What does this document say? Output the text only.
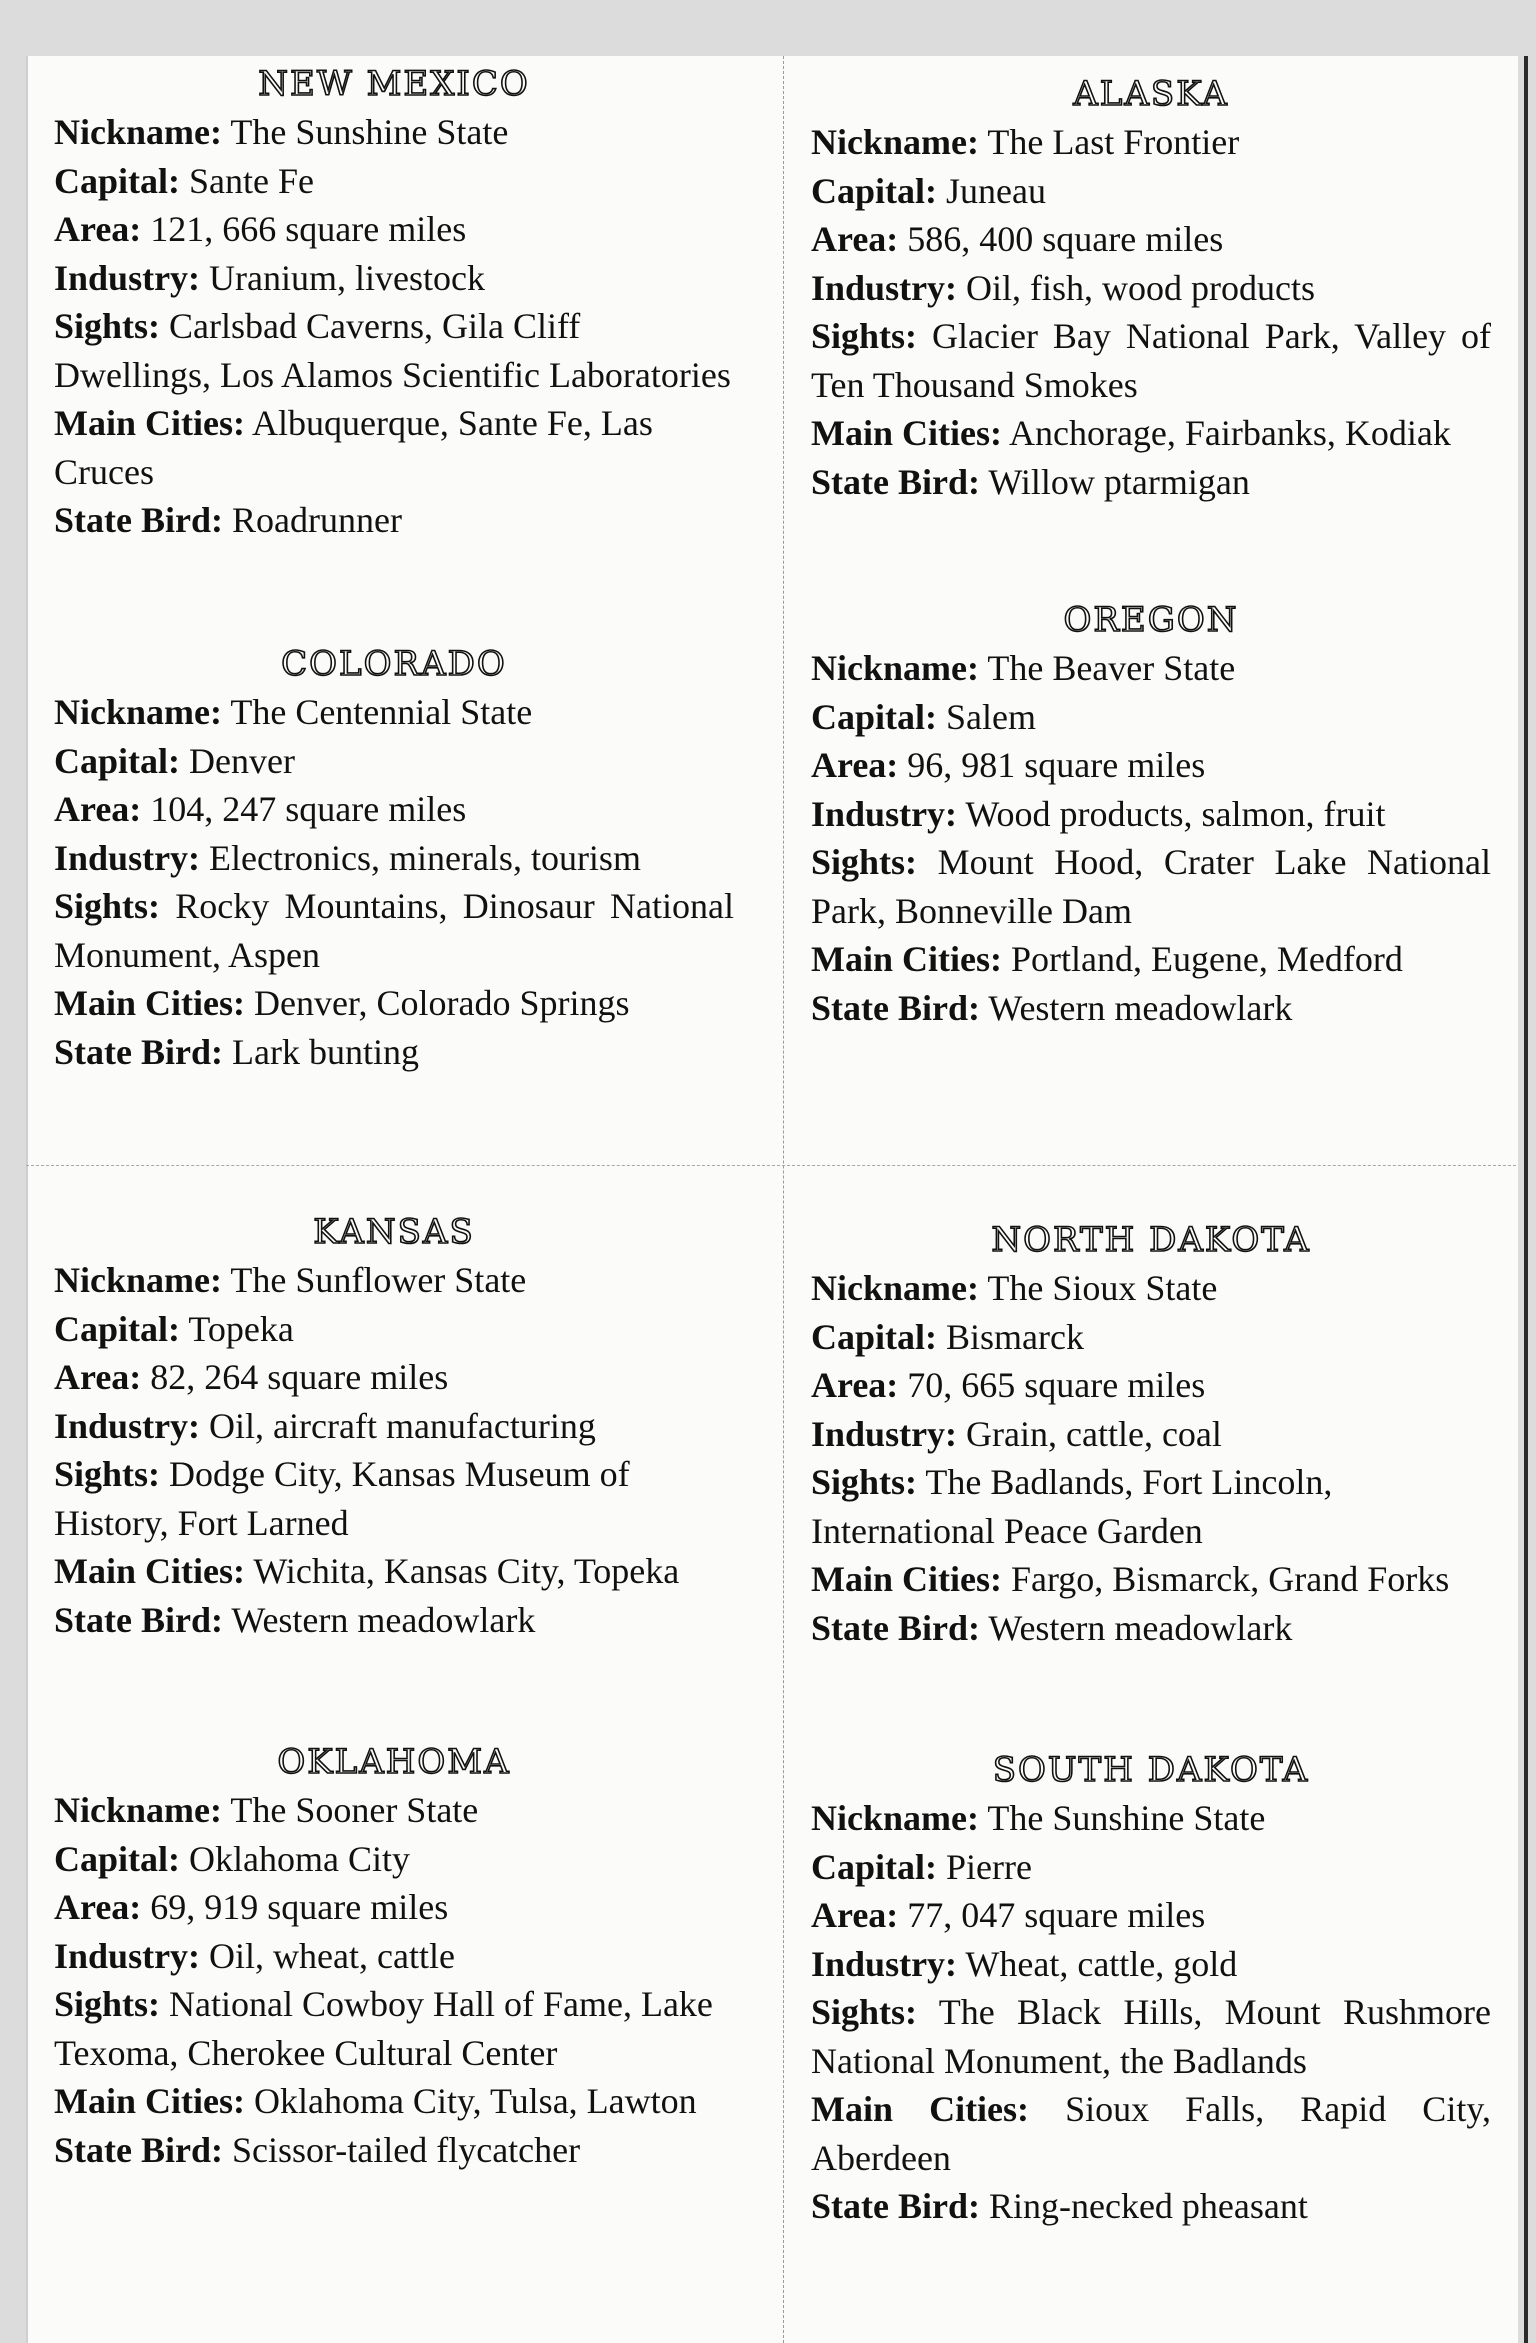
NEW MEXICO
Nickname: The Sunshine State
Capital: Sante Fe
Area: 121, 666 square miles
Industry: Uranium, livestock
Sights: Carlsbad Caverns, Gila Cliff Dwellings, Los Alamos Scientific Laboratories
Main Cities: Albuquerque, Sante Fe, Las Cruces
State Bird: Roadrunner
ALASKA
Nickname: The Last Frontier
Capital: Juneau
Area: 586, 400 square miles
Industry: Oil, fish, wood products
Sights: Glacier Bay National Park, Valley of Ten Thousand Smokes
Main Cities: Anchorage, Fairbanks, Kodiak
State Bird: Willow ptarmigan
COLORADO
Nickname: The Centennial State
Capital: Denver
Area: 104, 247 square miles
Industry: Electronics, minerals, tourism
Sights: Rocky Mountains, Dinosaur National Monument, Aspen
Main Cities: Denver, Colorado Springs
State Bird: Lark bunting
OREGON
Nickname: The Beaver State
Capital: Salem
Area: 96, 981 square miles
Industry: Wood products, salmon, fruit
Sights: Mount Hood, Crater Lake National Park, Bonneville Dam
Main Cities: Portland, Eugene, Medford
State Bird: Western meadowlark
KANSAS
Nickname: The Sunflower State
Capital: Topeka
Area: 82, 264 square miles
Industry: Oil, aircraft manufacturing
Sights: Dodge City, Kansas Museum of History, Fort Larned
Main Cities: Wichita, Kansas City, Topeka
State Bird: Western meadowlark
NORTH DAKOTA
Nickname: The Sioux State
Capital: Bismarck
Area: 70, 665 square miles
Industry: Grain, cattle, coal
Sights: The Badlands, Fort Lincoln, International Peace Garden
Main Cities: Fargo, Bismarck, Grand Forks
State Bird: Western meadowlark
OKLAHOMA
Nickname: The Sooner State
Capital: Oklahoma City
Area: 69, 919 square miles
Industry: Oil, wheat, cattle
Sights: National Cowboy Hall of Fame, Lake Texoma, Cherokee Cultural Center
Main Cities: Oklahoma City, Tulsa, Lawton
State Bird: Scissor-tailed flycatcher
SOUTH DAKOTA
Nickname: The Sunshine State
Capital: Pierre
Area: 77, 047 square miles
Industry: Wheat, cattle, gold
Sights: The Black Hills, Mount Rushmore National Monument, the Badlands
Main Cities: Sioux Falls, Rapid City, Aberdeen
State Bird: Ring-necked pheasant
